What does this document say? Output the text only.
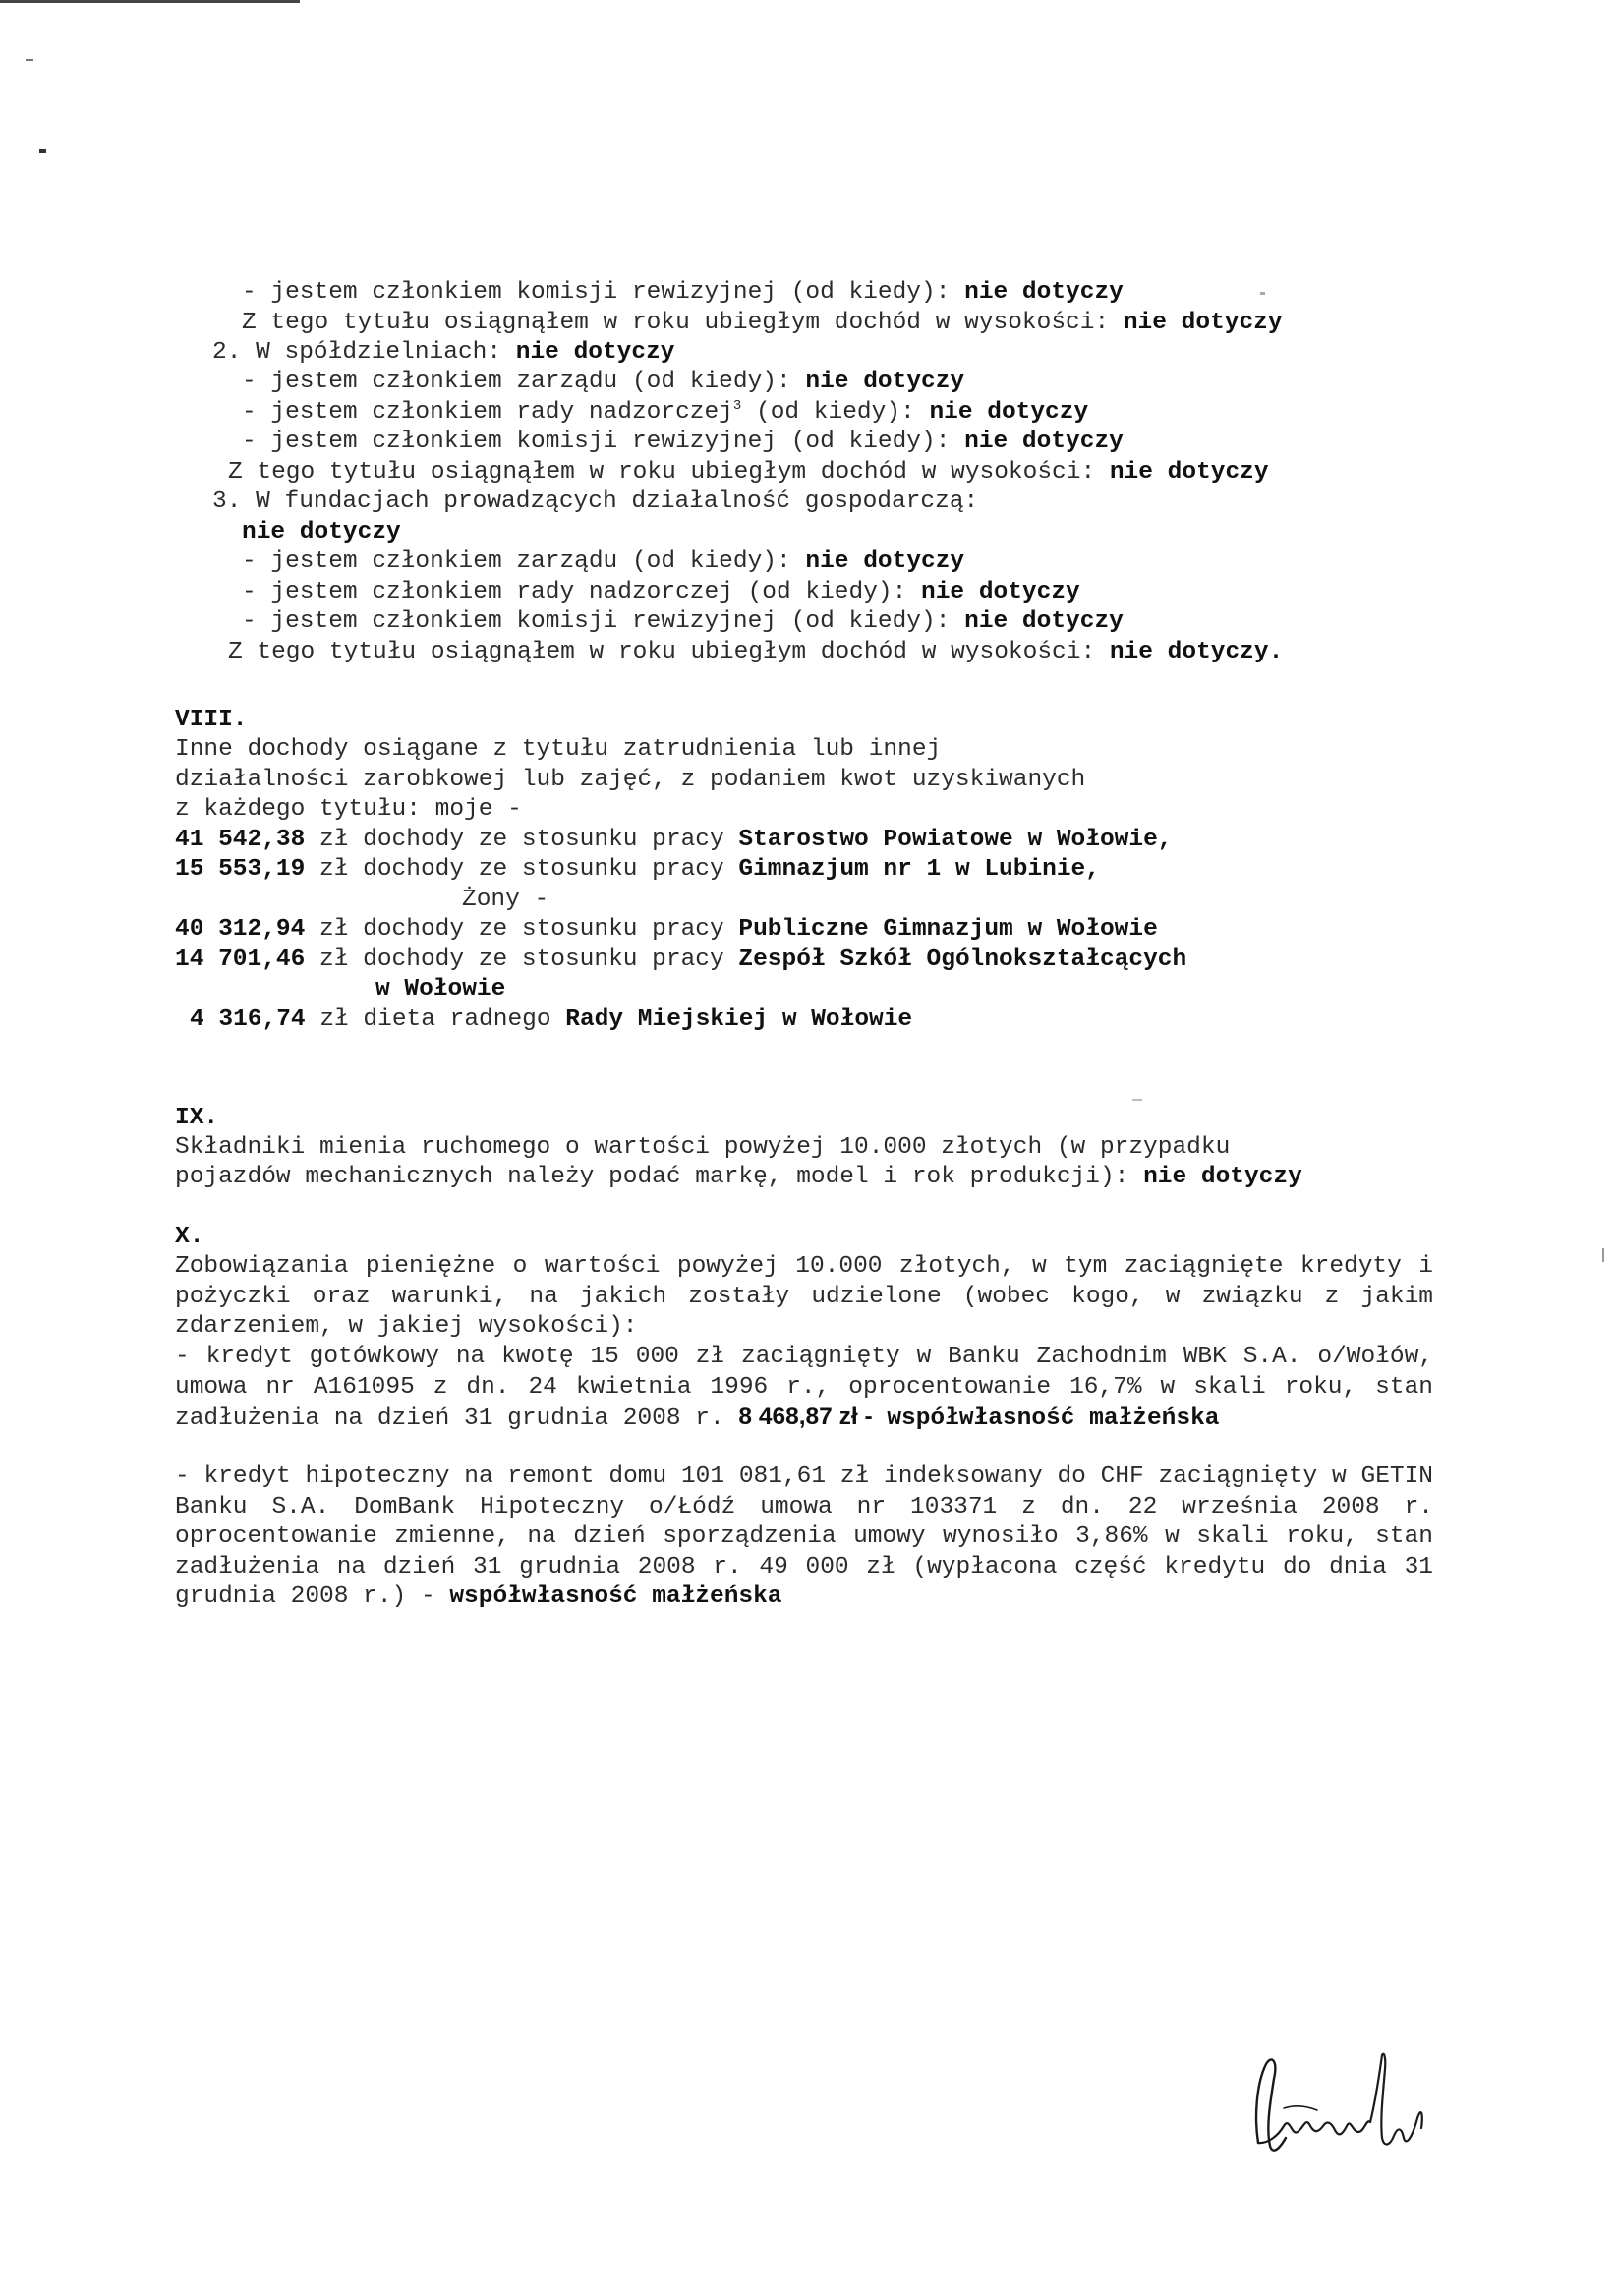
- jestem członkiem komisji rewizyjnej (od kiedy): nie dotyczy
Z tego tytułu osiągnąłem w roku ubiegłym dochód w wysokości: nie dotyczy
2. W spółdzielniach: nie dotyczy
- jestem członkiem zarządu (od kiedy): nie dotyczy
- jestem członkiem rady nadzorczej$^3$ (od kiedy): nie dotyczy
- jestem członkiem komisji rewizyjnej (od kiedy): nie dotyczy
Z tego tytułu osiągnąłem w roku ubiegłym dochód w wysokości: nie dotyczy
3. W fundacjach prowadzących działalność gospodarczą:
nie dotyczy
- jestem członkiem zarządu (od kiedy): nie dotyczy
- jestem członkiem rady nadzorczej (od kiedy): nie dotyczy
- jestem członkiem komisji rewizyjnej (od kiedy): nie dotyczy
Z tego tytułu osiągnąłem w roku ubiegłym dochód w wysokości: nie dotyczy.
VIII.
Inne dochody osiągane z tytułu zatrudnienia lub innej
działalności zarobkowej lub zajęć, z podaniem kwot uzyskiwanych
z każdego tytułu: moje -
41 542,38 zł dochody ze stosunku pracy Starostwo Powiatowe w Wołowie,
15 553,19 zł dochody ze stosunku pracy Gimnazjum nr 1 w Lubinie,
Żony -
40 312,94 zł dochody ze stosunku pracy Publiczne Gimnazjum w Wołowie
14 701,46 zł dochody ze stosunku pracy Zespół Szkół Ogólnokształcących
w Wołowie
4 316,74 zł dieta radnego Rady Miejskiej w Wołowie
IX.
Składniki mienia ruchomego o wartości powyżej 10.000 złotych (w przypadku
pojazdów mechanicznych należy podać markę, model i rok produkcji): nie dotyczy
X.
Zobowiązania pieniężne o wartości powyżej 10.000 złotych, w tym zaciągnięte kredyty i pożyczki oraz warunki, na jakich zostały udzielone (wobec kogo, w związku z jakim zdarzeniem, w jakiej wysokości):
- kredyt gotówkowy na kwotę 15 000 zł zaciągnięty w Banku Zachodnim WBK S.A. o/Wołów, umowa nr A161095 z dn. 24 kwietnia 1996 r., oprocentowanie 16,7% w skali roku, stan zadłużenia na dzień 31 grudnia 2008 r. 8 468,87 zł - współwłasność małżeńska
- kredyt hipoteczny na remont domu 101 081,61 zł indeksowany do CHF zaciągnięty w GETIN Banku S.A. DomBank Hipoteczny o/Łódź umowa nr 103371 z dn. 22 września 2008 r. oprocentowanie zmienne, na dzień sporządzenia umowy wynosiło 3,86% w skali roku, stan zadłużenia na dzień 31 grudnia 2008 r. 49 000 zł (wypłacona część kredytu do dnia 31 grudnia 2008 r.) - współwłasność małżeńska
